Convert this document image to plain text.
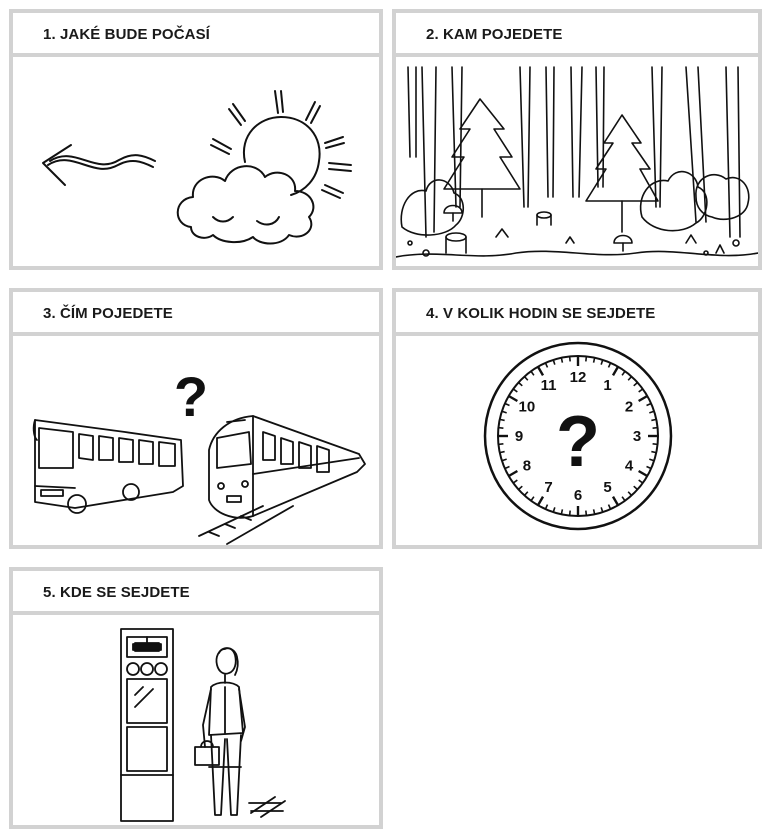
1. JAKÉ BUDE POČASÍ	2. KAM POJEDETE
3. ČÍM POJEDETE
?
4. V KOLIK HODIN SE SEJDETE
12 1
2
3
4
5
6
7
8
9
10
11
?
5. KDE SE SEJDETE
